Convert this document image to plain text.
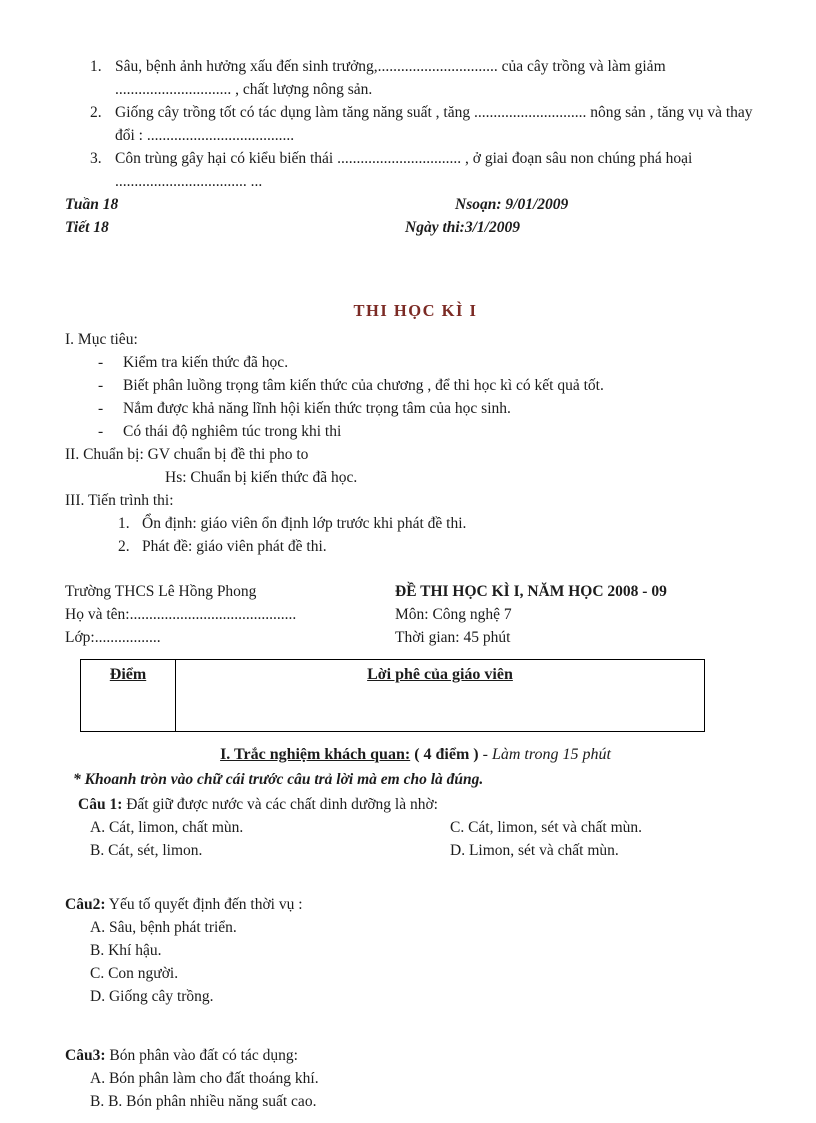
1. Sâu, bệnh ảnh hưởng xấu đến sinh trưởng,............................... của cây trồng và làm giảm .............................. , chất lượng nông sản.
2. Giống cây trồng tốt có tác dụng làm tăng năng suất , tăng ............................. nông sản , tăng vụ và thay đổi : ......................................
3. Côn trùng gây hại có kiểu biến thái ................................ , ở giai đoạn sâu non chúng phá hoại .................................. ...
Tuần 18	Nsoạn: 9/01/2009
Tiết 18	Ngày thi:3/1/2009
THI HỌC KÌ I
I. Mục tiêu:
-	Kiểm tra kiến thức đã học.
-	Biết phân luồng trọng tâm kiến thức của chương , để thi học kì có kết quả tốt.
-	Nắm được khả năng lĩnh hội kiến thức trọng tâm của học sinh.
-	Có thái độ nghiêm túc trong khi thi
II. Chuẩn bị: GV chuẩn bị đề thi pho to
Hs: Chuẩn bị kiến thức đã học.
III. Tiến trình thi:
1. Ổn định: giáo viên ổn định lớp trước khi phát đề thi.
2. Phát đề: giáo viên phát đề thi.
Trường THCS Lê Hồng Phong	ĐỀ THI HỌC KÌ I, NĂM HỌC 2008 - 09
Họ và tên:...........................................	Môn: Công nghệ 7
Lớp:.................	Thời gian: 45 phút
Điểm	Lời phê của giáo viên
I. Trắc nghiệm khách quan: ( 4 điểm ) - Làm trong 15 phút
* Khoanh tròn vào chữ cái trước câu trả lời mà em cho là đúng.
Câu 1: Đất giữ được nước và các chất dinh dưỡng là nhờ:
A. Cát, limon, chất mùn.	C. Cát, limon, sét và chất mùn.
B. Cát, sét, limon.	D. Limon, sét và chất mùn.
Câu2: Yếu tố quyết định đến thời vụ :
A. Sâu, bệnh phát triển.
B. Khí hậu.
C. Con người.
D. Giống cây trồng.
Câu3: Bón phân vào đất có tác dụng:
A. Bón phân làm cho đất thoáng khí.
B. B. Bón phân nhiều năng suất cao.
